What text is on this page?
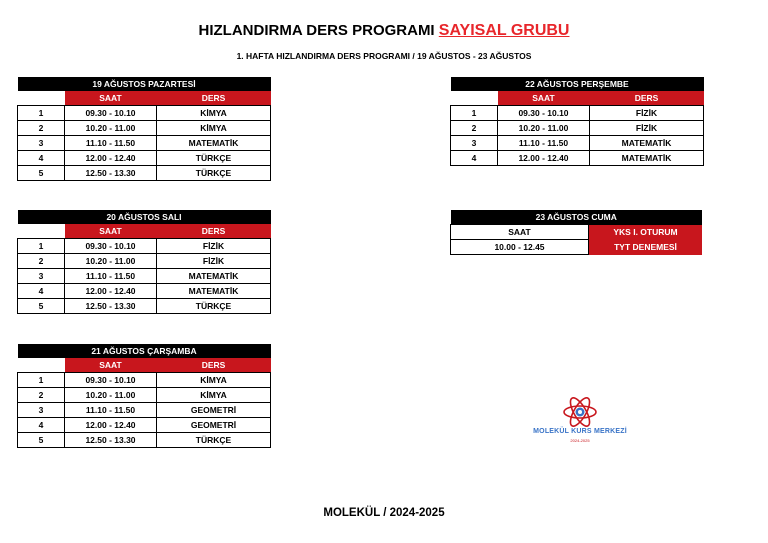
HIZLANDIRMA DERS PROGRAMI SAYISAL GRUBU
1. HAFTA HIZLANDIRMA DERS PROGRAMI / 19 AĞUSTOS - 23 AĞUSTOS
19 AĞUSTOS PAZARTESİ		
	SAAT	DERS
1	09.30 - 10.10	KİMYA
2	10.20 - 11.00	KİMYA
3	11.10 - 11.50	MATEMATİK
4	12.00 - 12.40	TÜRKÇE
5	12.50 - 13.30	TÜRKÇE
20 AĞUSTOS SALI		
	SAAT	DERS
1	09.30 - 10.10	FİZİK
2	10.20 - 11.00	FİZİK
3	11.10 - 11.50	MATEMATİK
4	12.00 - 12.40	MATEMATİK
5	12.50 - 13.30	TÜRKÇE
21 AĞUSTOS ÇARŞAMBA		
	SAAT	DERS
1	09.30 - 10.10	KİMYA
2	10.20 - 11.00	KİMYA
3	11.10 - 11.50	GEOMETRİ
4	12.00 - 12.40	GEOMETRİ
5	12.50 - 13.30	TÜRKÇE
22 AĞUSTOS PERŞEMBE		
	SAAT	DERS
1	09.30 - 10.10	FİZİK
2	10.20 - 11.00	FİZİK
3	11.10 - 11.50	MATEMATİK
4	12.00 - 12.40	MATEMATİK
23 AĞUSTOS CUMA	
SAAT	YKS I. OTURUM
10.00 - 12.45	TYT DENEMESİ
MOLEKÜL / 2024-2025
MOLEKÜL KURS MERKEZİ
2024-2025
